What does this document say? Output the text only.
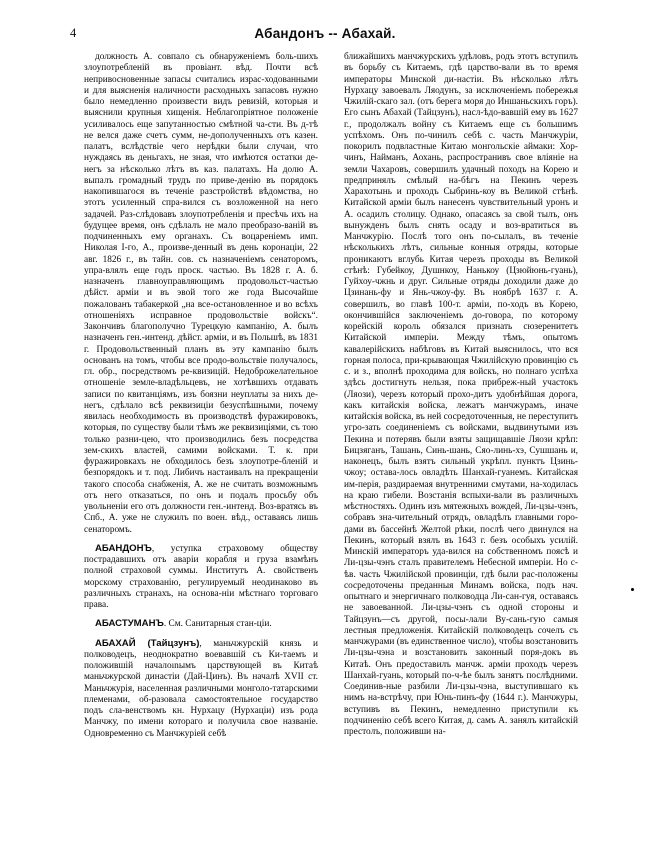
4	Абандонъ -- Абахай.

должность А. совпало съ обнаруженіемъ боль-шихъ злоупотребленій въ провіант. вѣд. Почти всѣ непривосновенные запасы считались израс-ходованными и для выясненія наличности расходныхъ запасовъ нужно было немедленно произвести видъ ревизій, которыя и выяснили крупныя хищенія. Неблагопріятное положеніе усиливалось еще запутанностью смѣтной ча-сти. Въ д-тѣ не велся даже счетъ сумм, не-дополученныхъ отъ казен. палатъ, вслѣдствіе чего нерѣдки были случаи, что нуждаясь въ деньгахъ, не зная, что имѣются остатки де-негъ за нѣсколько лѣтъ въ каз. палатахъ. На долю А. выпалъ громадный трудъ по приве-денію въ порядокъ накопившагося въ теченіе разстройствѣ вѣдомства, но этотъ усиленный спра-вился съ возложенной на него задачей. Раз-слѣдовавъ злоупотребленія и пресѣчь ихъ на будущее время, онъ сдѣлалъ не мало преобразо-ваній въ подчиненныхъ ему органахъ. Съ воцареніемъ имп. Николая I-го, А., произве-денный въ день коронаціи, 22 авг. 1826 г., въ тайн. сов. съ назначеніемъ сенаторомъ, упра-влялъ еще годъ проск. частью. Въ 1828 г. А. б. назначенъ главноуправляющимъ продовольст-частью дѣйст. арміи и въ эвой того же года Высочайше пожалованъ табакеркой „на все-остановленное и во всѣхъ отношеніяхъ исправное продовольствіе войскъ“. Закончивъ благополучно Турецкую кампанію, А. былъ назначенъ ген.-интенд. дѣйст. арміи, и въ Польшѣ, въ 1831 г. Продовольственный планъ въ эту кампанію былъ основанъ на томъ, чтобы все продо-вольствіе получалось, гл. обр., посредствомъ ре-квизицій. Недоброжелательное отношеніе земле-владѣльцевъ, не хотѣвшихъ отдавать записи по квитанціямъ, изъ боязни неуплаты за нихъ де-негъ, сдѣлало всѣ реквизиціи безуспѣшными, почему явилась необходимость въ производствѣ фуражировокъ, которыя, по существу были тѣмъ же реквизиціями, съ тою только разни-цею, что производились безъ посредства зем-скихъ властей, самими войсками. Т. к. при фуражировкахъ не обходилось безъ злоупотре-бленій и безпорядокъ и т. под. Либичъ настаивалъ на прекращеніи такого способа снабженія, А. же не считать возможнымъ отъ него отказаться, по онъ и подалъ просьбу объ увольненіи его отъ должности ген.-интенд. Воз-вратясь въ Спб., А. уже не служилъ по воен. вѣд., оставаясь лишь сенаторомъ.

АБАНДОНЪ, уступка страховому обществу пострадавшихъ отъ аваріи корабля и груза взамѣнъ полной страховой суммы. Институтъ А. свойственъ морскому страхованію, регулируемый неодинаково въ различныхъ странахъ, на основа-ніи мѣстнаго торговаго права.

АБАСТУМАНЪ. См. Санитарныя стан-ціи.

АБАХАЙ (Тайцзунъ), маньчжурскій князь и полководецъ, неоднократно воевавшій съ Ки-таемъ и положившій началоınымъ царствующей въ Китаѣ маньчжурской династіи (Дай-Цинъ). Въ началѣ XVII ст. Маньчжурія, населенная различными монголо-татарскими племенами, об-разовала самостоятельное государство подъ сла-венствомъ кн. Нурхацу (Нурхаціи) изъ рода Манчжу, по имени котораго и получила свое названіе. Одновременно съ Манчжуріей себѣ

ближайшихъ манчжурскихъ удѣловъ, родъ этотъ вступилъ въ борьбу съ Китаемъ, гдѣ царство-вали въ то время императоры Минской ди-настіи. Въ нѣсколько лѣтъ Нурхацу завоевалъ Ляодунъ, за исключеніемъ побережья Чжилій-скаго зал. (отъ берега моря до Иншаньскихъ горъ). Его сынъ Абахай (Тайцзунъ), насл-ѣдо-вавшій ему въ 1627 г., продолжалъ войну съ Китаемъ еще съ большимъ успѣхомъ. Онъ по-чинилъ себѣ с. часть Манчжуріи, покорилъ подвластные Китаю монгольскіе аймаки: Хор-чинъ, Найманъ, Аохань, распространивъ свое вліяніе на земли Чахаровъ, совершилъ удачный походъ на Корею и предпринялъ смѣлый на-бѣгъ на Пекинъ черезъ Харахотынь и проходъ Сыбринь-коу въ Великой стѣнѣ. Китайской арміи былъ нанесенъ чувствительный уронъ и А. осадилъ столицу. Однако, опасаясь за свой тылъ, онъ вынужденъ былъ снять осаду и воз-вратиться въ Манчжурію. Послѣ того онъ по-сылалъ, въ теченіе нѣсколькихъ лѣтъ, сильные конныя отряды, которые проникаютъ вглубь Китая черезъ проходы въ Великой стѣнѣ: Губейкоу, Душнкоу, Нанькоу (Цзюйюнь-гуань), Гуйхоу-чжнь и друг. Сильные отряды доходили даже до Цзинань-фу и Янь-чжоу-фу. Въ ноябрѣ 1637 г. А. совершилъ, во главѣ 100-т. арміи, по-ходъ въ Корею, окончившійся заключеніемъ до-говора, по которому корейскій король обязался признать сюзеренитетъ Китайской имперіи. Между тѣмъ, опытомъ кавалерійскихъ набѣговъ въ Китай выяснилось, что вся горная полоса, при-крывающая Чжилійскую провинцію съ с. и з., вполнѣ проходима для войскъ, но полнаго успѣха здѣсь достигнуть нельзя, пока прибреж-ный участокъ (Ляози), черезъ который прохо-дитъ удобнѣйшая дорога, какъ китайскія войска, лежатъ манчжурамъ, иначе китайскія войска, въ ней сосредоточенныя, не переступитъ угро-зать соединеніемъ съ войсками, выдвинутыми изъ Пекина и потерявъ были взяты защищавшіе Ляози крѣп: Бицзяганъ, Ташань, Синь-шань, Сяо-линь-хэ, Сушшань и, наконецъ, былъ взятъ сильный укрѣпл. пунктъ Цзинь-чжоу; остава-лось овладѣть Шанхай-гуанемъ. Китайская им-перія, раздираемая внутренними смутами, на-ходилась на краю гибели. Возстанія вспыхи-вали въ различныхъ мѣстностяхъ. Одинъ изъ мятежныхъ вождей, Ли-цзы-чэнъ, собравъ зна-чительный отрядъ, овладѣлъ главными горо-дами въ бассейнѣ Желтой рѣки, послѣ чего двинулся на Пекинъ, который взялъ въ 1643 г. безъ особыхъ усилій. Минскій императоръ уда-вился на собственномъ поясѣ и Ли-цзы-чэнъ сталъ правителемъ Небесной имперіи. Но с-ѣв. часть Чжилійской провинціи, гдѣ были рас-положены сосредоточены преданныя Минамъ войска, подъ нач. опытнаго и энергичнаго полководца Ли-сан-гуя, оставаясь не завоеванной. Ли-цзы-чэнъ съ одной стороны и Тайцзунъ—съ другой, посы-лали Ву-сань-гую самыя лестныя предложенія. Китайскій полководецъ сочелъ съ манчжурами (въ единственное число), чтобы возстановить Ли-цзы-чэна и возстановить законный поря-докъ въ Китаѣ. Онъ предоставилъ манчж. арміи проходъ черезъ Шанхай-гуань, который по-ч-ѣе былъ занятъ послѣдними. Соединив-ные разбили Ли-цзы-чэна, выступившаго къ нимъ на-встрѣчу, при Юнь-пинъ-фу (1644 г.). Манчжуры, вступивъ въ Пекинъ, немедленно приступили къ подчиненію себѣ всего Китая, д. самъ А. занялъ китайскій престолъ, положивши на-
